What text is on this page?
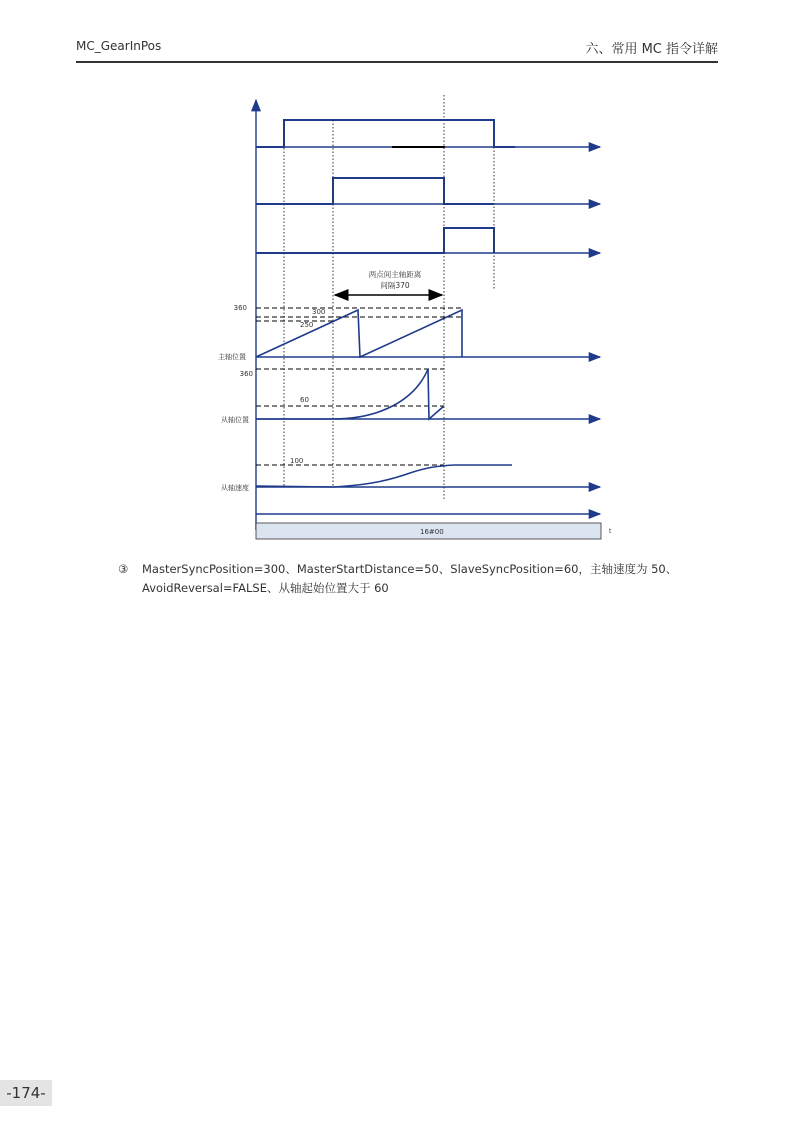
MC_GearInPos	六、常用 MC 指令详解
两点间主轴距离
间隔370
360	300
250
主轴位置
360
60
从轴位置
100
从轴速度
16#00	t
③ MasterSyncPosition=300、MasterStartDistance=50、SlaveSyncPosition=60，主轴速度为 50、AvoidReversal=FALSE、从轴起始位置大于 60
-174-
